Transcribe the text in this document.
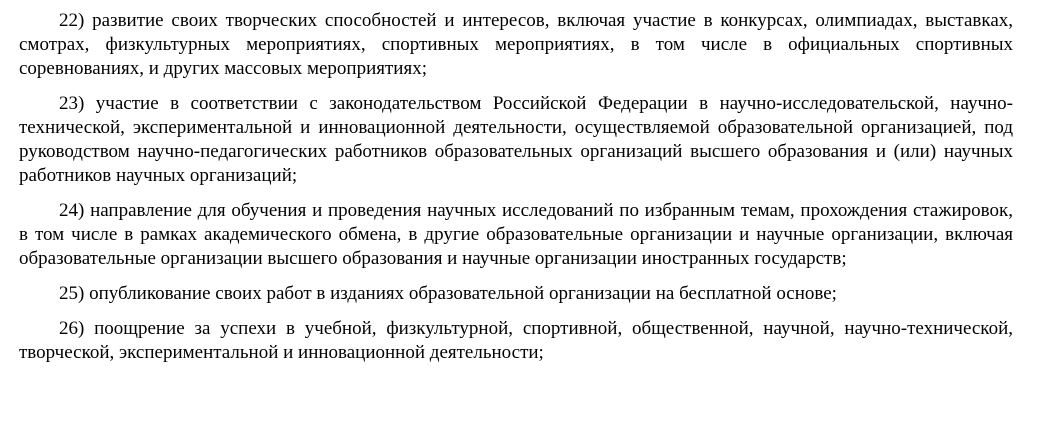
22) развитие своих творческих способностей и интересов, включая участие в конкурсах, олимпиадах, выставках, смотрах, физкультурных мероприятиях, спортивных мероприятиях, в том числе в официальных спортивных соревнованиях, и других массовых мероприятиях;

23) участие в соответствии с законодательством Российской Федерации в научно-исследовательской, научно-технической, экспериментальной и инновационной деятельности, осуществляемой образовательной организацией, под руководством научно-педагогических работников образовательных организаций высшего образования и (или) научных работников научных организаций;

24) направление для обучения и проведения научных исследований по избранным темам, прохождения стажировок, в том числе в рамках академического обмена, в другие образовательные организации и научные организации, включая образовательные организации высшего образования и научные организации иностранных государств;

25) опубликование своих работ в изданиях образовательной организации на бесплатной основе;

26) поощрение за успехи в учебной, физкультурной, спортивной, общественной, научной, научно-технической, творческой, экспериментальной и инновационной деятельности;
